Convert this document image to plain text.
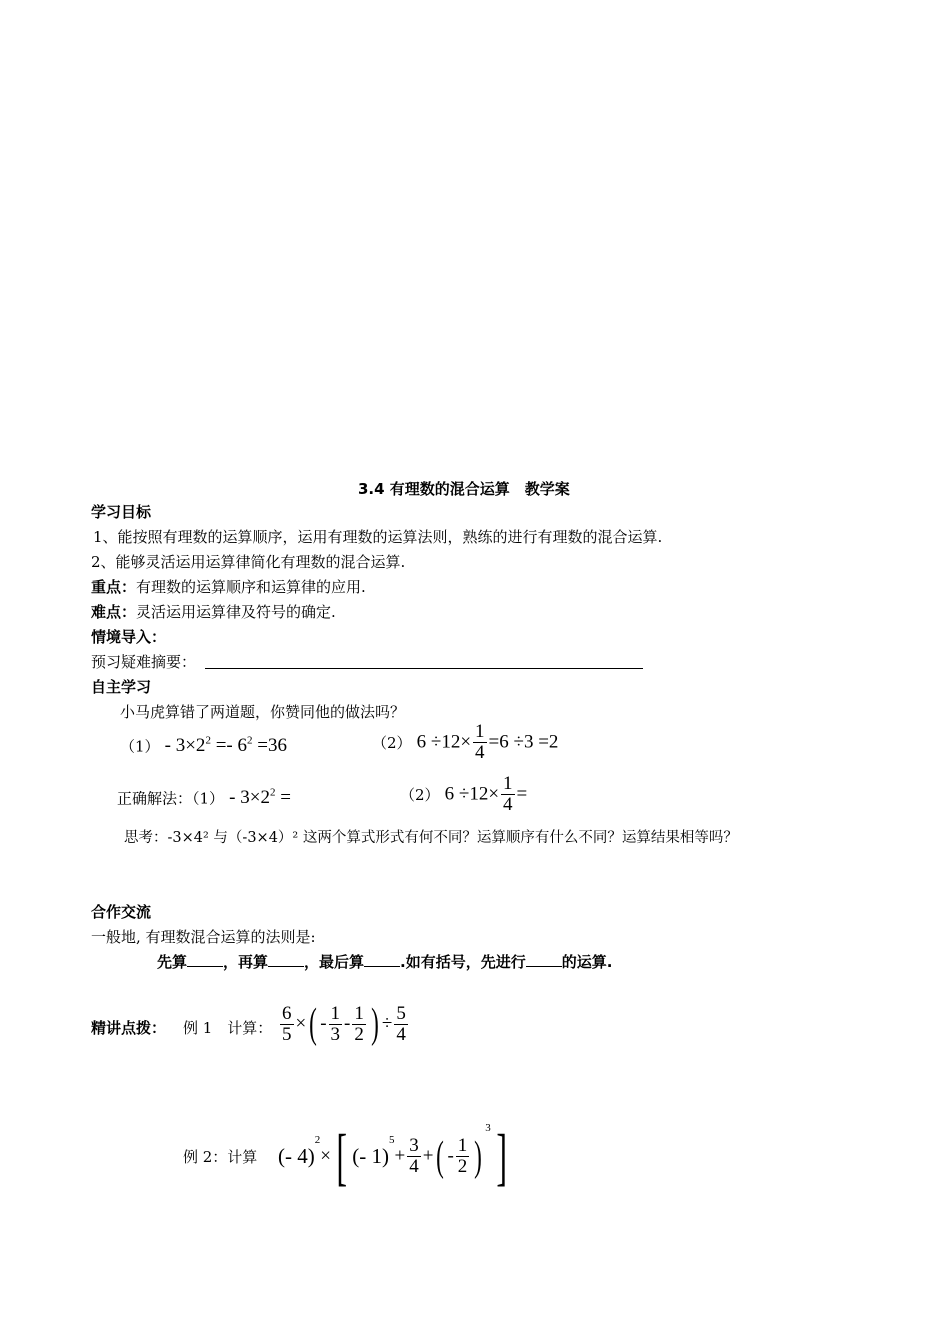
3.4 有理数的混合运算　教学案
学习目标
1、能按照有理数的运算顺序，运用有理数的运算法则，熟练的进行有理数的混合运算.
2、能够灵活运用运算律简化有理数的混合运算.
重点：有理数的运算顺序和运算律的应用.
难点：灵活运用运算律及符号的确定.
情境导入：
预习疑难摘要：
自主学习
小马虎算错了两道题，你赞同他的做法吗？
$(1) - 3\times 2^2 =- 6^2 =36$	（2） $6 \div 12\times \frac{1}{4} =6 \div 3 =2$
正确解法：$(1) - 3\times 2^2$ =	（2） $6 \div 12\times \frac{1}{4}$ =
思考：-3×4² 与（-3×4）² 这两个算式形式有何不同？运算顺序有什么不同？运算结果相等吗？
合作交流
一般地, 有理数混合运算的法则是:
先算 ，再算 ，最后算 .如有括号，先进行 的运算.
精讲点拨： 例 1　计算： $\frac{6}{5}$ ×( - $\frac{1}{3} - \frac{1}{2}$ ) ÷ $\frac{5}{4}$
例 2：计算 (- 4)$^2$×[ (- $1)^5+ \frac{3}{4}$ +( - $\frac{1}{2} )^3$]
